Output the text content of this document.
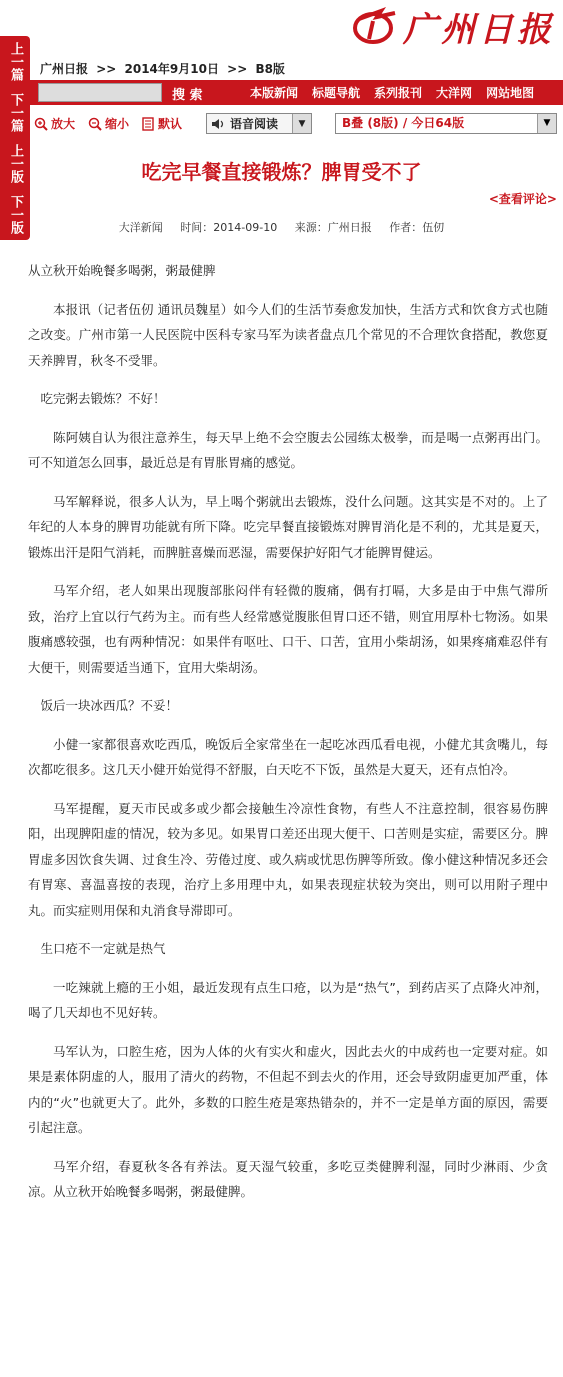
广州日报
广州日报 >> 2014年9月10日 >> B8版
上一篇
下一篇
上一版
下一版
搜 索	本版新闻 标题导航 系列报刊 大洋网 网站地图
放大 缩小 默认	语音阅读	▼	B叠 (8版) / 今日64版	▼
吃完早餐直接锻炼？脾胃受不了
<查看评论>
大洋新闻 时间：2014-09-10 来源：广州日报 作者：伍仞

从立秋开始晚餐多喝粥，粥最健脾

本报讯（记者伍仞 通讯员魏星）如今人们的生活节奏愈发加快，生活方式和饮食方式也随之改变。广州市第一人民医院中医科专家马军为读者盘点几个常见的不合理饮食搭配，教您夏天养脾胃，秋冬不受罪。

吃完粥去锻炼？不好！

陈阿姨自认为很注意养生，每天早上绝不会空腹去公园练太极拳，而是喝一点粥再出门。可不知道怎么回事，最近总是有胃胀胃痛的感觉。

马军解释说，很多人认为，早上喝个粥就出去锻炼，没什么问题。这其实是不对的。上了年纪的人本身的脾胃功能就有所下降。吃完早餐直接锻炼对脾胃消化是不利的，尤其是夏天，锻炼出汗是阳气消耗，而脾脏喜燥而恶湿，需要保护好阳气才能脾胃健运。

马军介绍，老人如果出现腹部胀闷伴有轻微的腹痛，偶有打嗝，大多是由于中焦气滞所致，治疗上宜以行气药为主。而有些人经常感觉腹胀但胃口还不错，则宜用厚朴七物汤。如果腹痛感较强，也有两种情况：如果伴有呕吐、口干、口苦，宜用小柴胡汤，如果疼痛难忍伴有大便干，则需要适当通下，宜用大柴胡汤。

饭后一块冰西瓜？不妥！

小健一家都很喜欢吃西瓜，晚饭后全家常坐在一起吃冰西瓜看电视，小健尤其贪嘴儿，每次都吃很多。这几天小健开始觉得不舒服，白天吃不下饭，虽然是大夏天，还有点怕冷。

马军提醒，夏天市民或多或少都会接触生冷凉性食物，有些人不注意控制，很容易伤脾阳，出现脾阳虚的情况，较为多见。如果胃口差还出现大便干、口苦则是实症，需要区分。脾胃虚多因饮食失调、过食生冷、劳倦过度、或久病或忧思伤脾等所致。像小健这种情况多还会有胃寒、喜温喜按的表现，治疗上多用理中丸，如果表现症状较为突出，则可以用附子理中丸。而实症则用保和丸消食导滞即可。

生口疮不一定就是热气

一吃辣就上瘾的王小姐，最近发现有点生口疮，以为是“热气”，到药店买了点降火冲剂，喝了几天却也不见好转。

马军认为，口腔生疮，因为人体的火有实火和虚火，因此去火的中成药也一定要对症。如果是素体阴虚的人，服用了清火的药物，不但起不到去火的作用，还会导致阴虚更加严重，体内的“火”也就更大了。此外，多数的口腔生疮是寒热错杂的，并不一定是单方面的原因，需要引起注意。

马军介绍，春夏秋冬各有养法。夏天湿气较重，多吃豆类健脾利湿，同时少淋雨、少贪凉。从立秋开始晚餐多喝粥，粥最健脾。
